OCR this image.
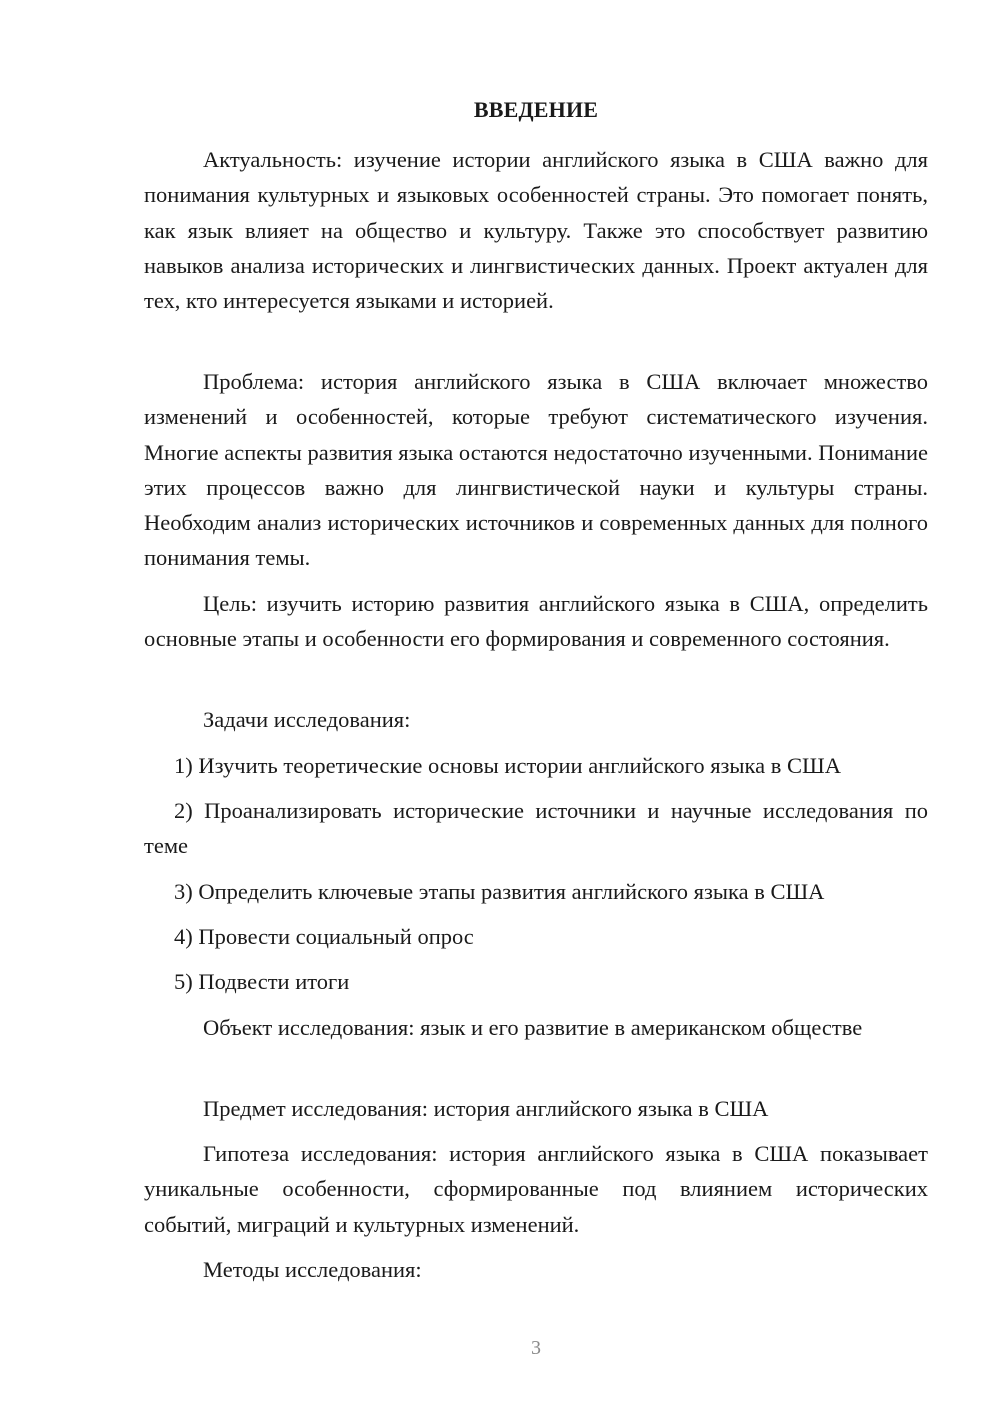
ВВЕДЕНИЕ

Актуальность: изучение истории английского языка в США важно для понимания культурных и языковых особенностей страны. Это помогает понять, как язык влияет на общество и культуру. Также это способствует развитию навыков анализа исторических и лингвистических данных. Проект актуален для тех, кто интересуется языками и историей.

Проблема: история английского языка в США включает множество изменений и особенностей, которые требуют систематического изучения. Многие аспекты развития языка остаются недостаточно изученными. Понимание этих процессов важно для лингвистической науки и культуры страны. Необходим анализ исторических источников и современных данных для полного понимания темы.

Цель: изучить историю развития английского языка в США, определить основные этапы и особенности его формирования и современного состояния.

Задачи исследования:

1) Изучить теоретические основы истории английского языка в США

2) Проанализировать исторические источники и научные исследования по теме

3) Определить ключевые этапы развития английского языка в США

4) Провести социальный опрос

5) Подвести итоги

Объект исследования: язык и его развитие в американском обществе

Предмет исследования: история английского языка в США

Гипотеза исследования: история английского языка в США показывает уникальные особенности, сформированные под влиянием исторических событий, миграций и культурных изменений.

Методы исследования:

3
